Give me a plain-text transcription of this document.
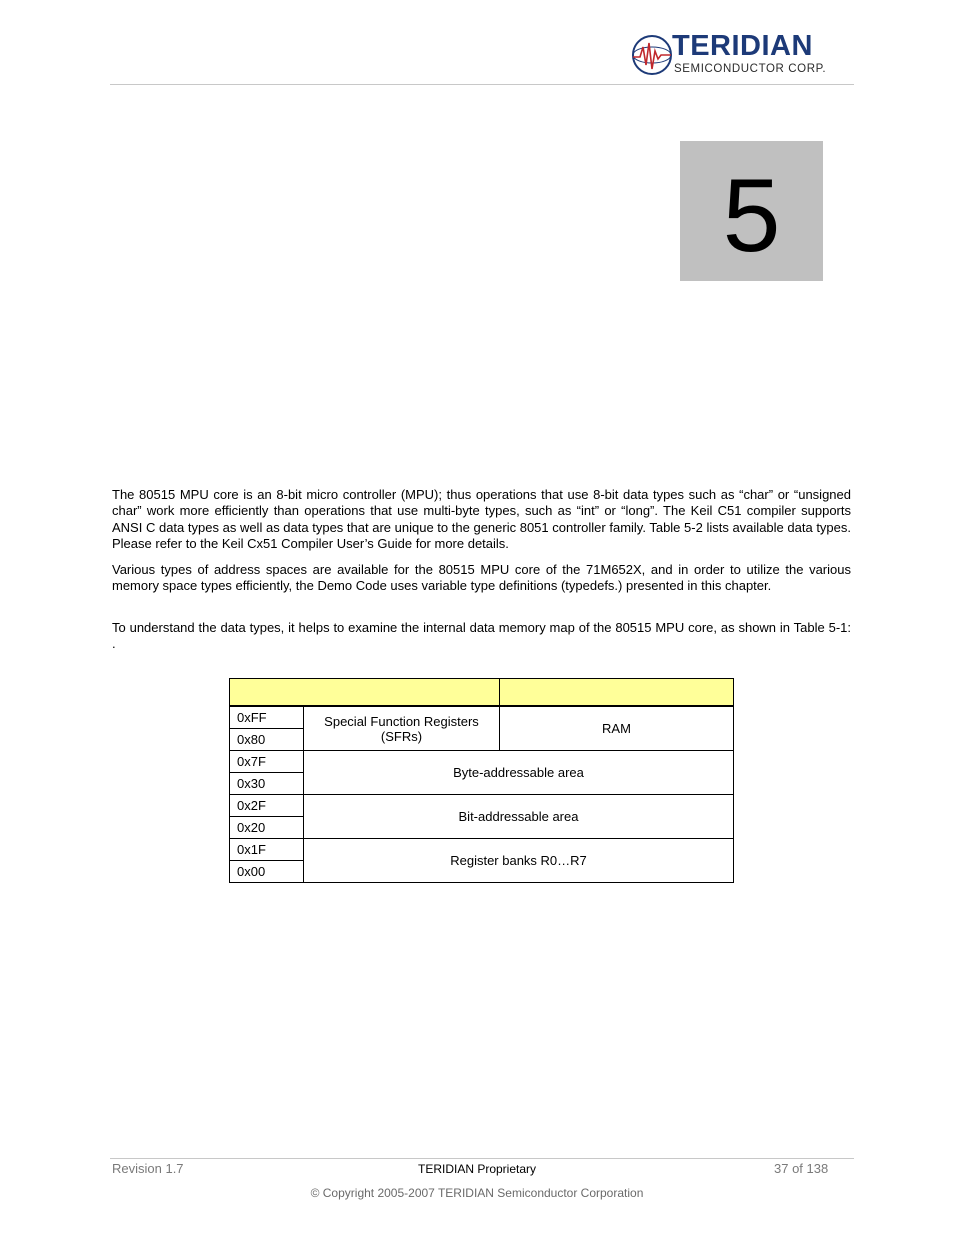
TERIDIAN
SEMICONDUCTOR CORP.
5

The 80515 MPU core is an 8-bit micro controller (MPU); thus operations that use 8-bit data types such as “char” or “unsigned char” work more efficiently than operations that use multi-byte types, such as “int” or “long”. The Keil C51 compiler supports ANSI C data types as well as data types that are unique to the generic 8051 controller family. Table 5-2 lists available data types. Please refer to the Keil Cx51 Compiler User’s Guide for more details.

Various types of address spaces are available for the 80515 MPU core of the 71M652X, and in order to utilize the various memory space types efficiently, the Demo Code uses variable type definitions (typedefs.) presented in this chapter.

To understand the data types, it helps to examine the internal data memory map of the 80515 MPU core, as shown in Table 5-1: .

0xFF	Special Function Registers (SFRs)	RAM
0x80		
0x7F	Byte-addressable area	
0x30		
0x2F	Bit-addressable area	
0x20		
0x1F	Register banks R0…R7	
0x00		
Revision 1.7	TERIDIAN Proprietary	37 of 138
© Copyright 2005-2007 TERIDIAN Semiconductor Corporation
